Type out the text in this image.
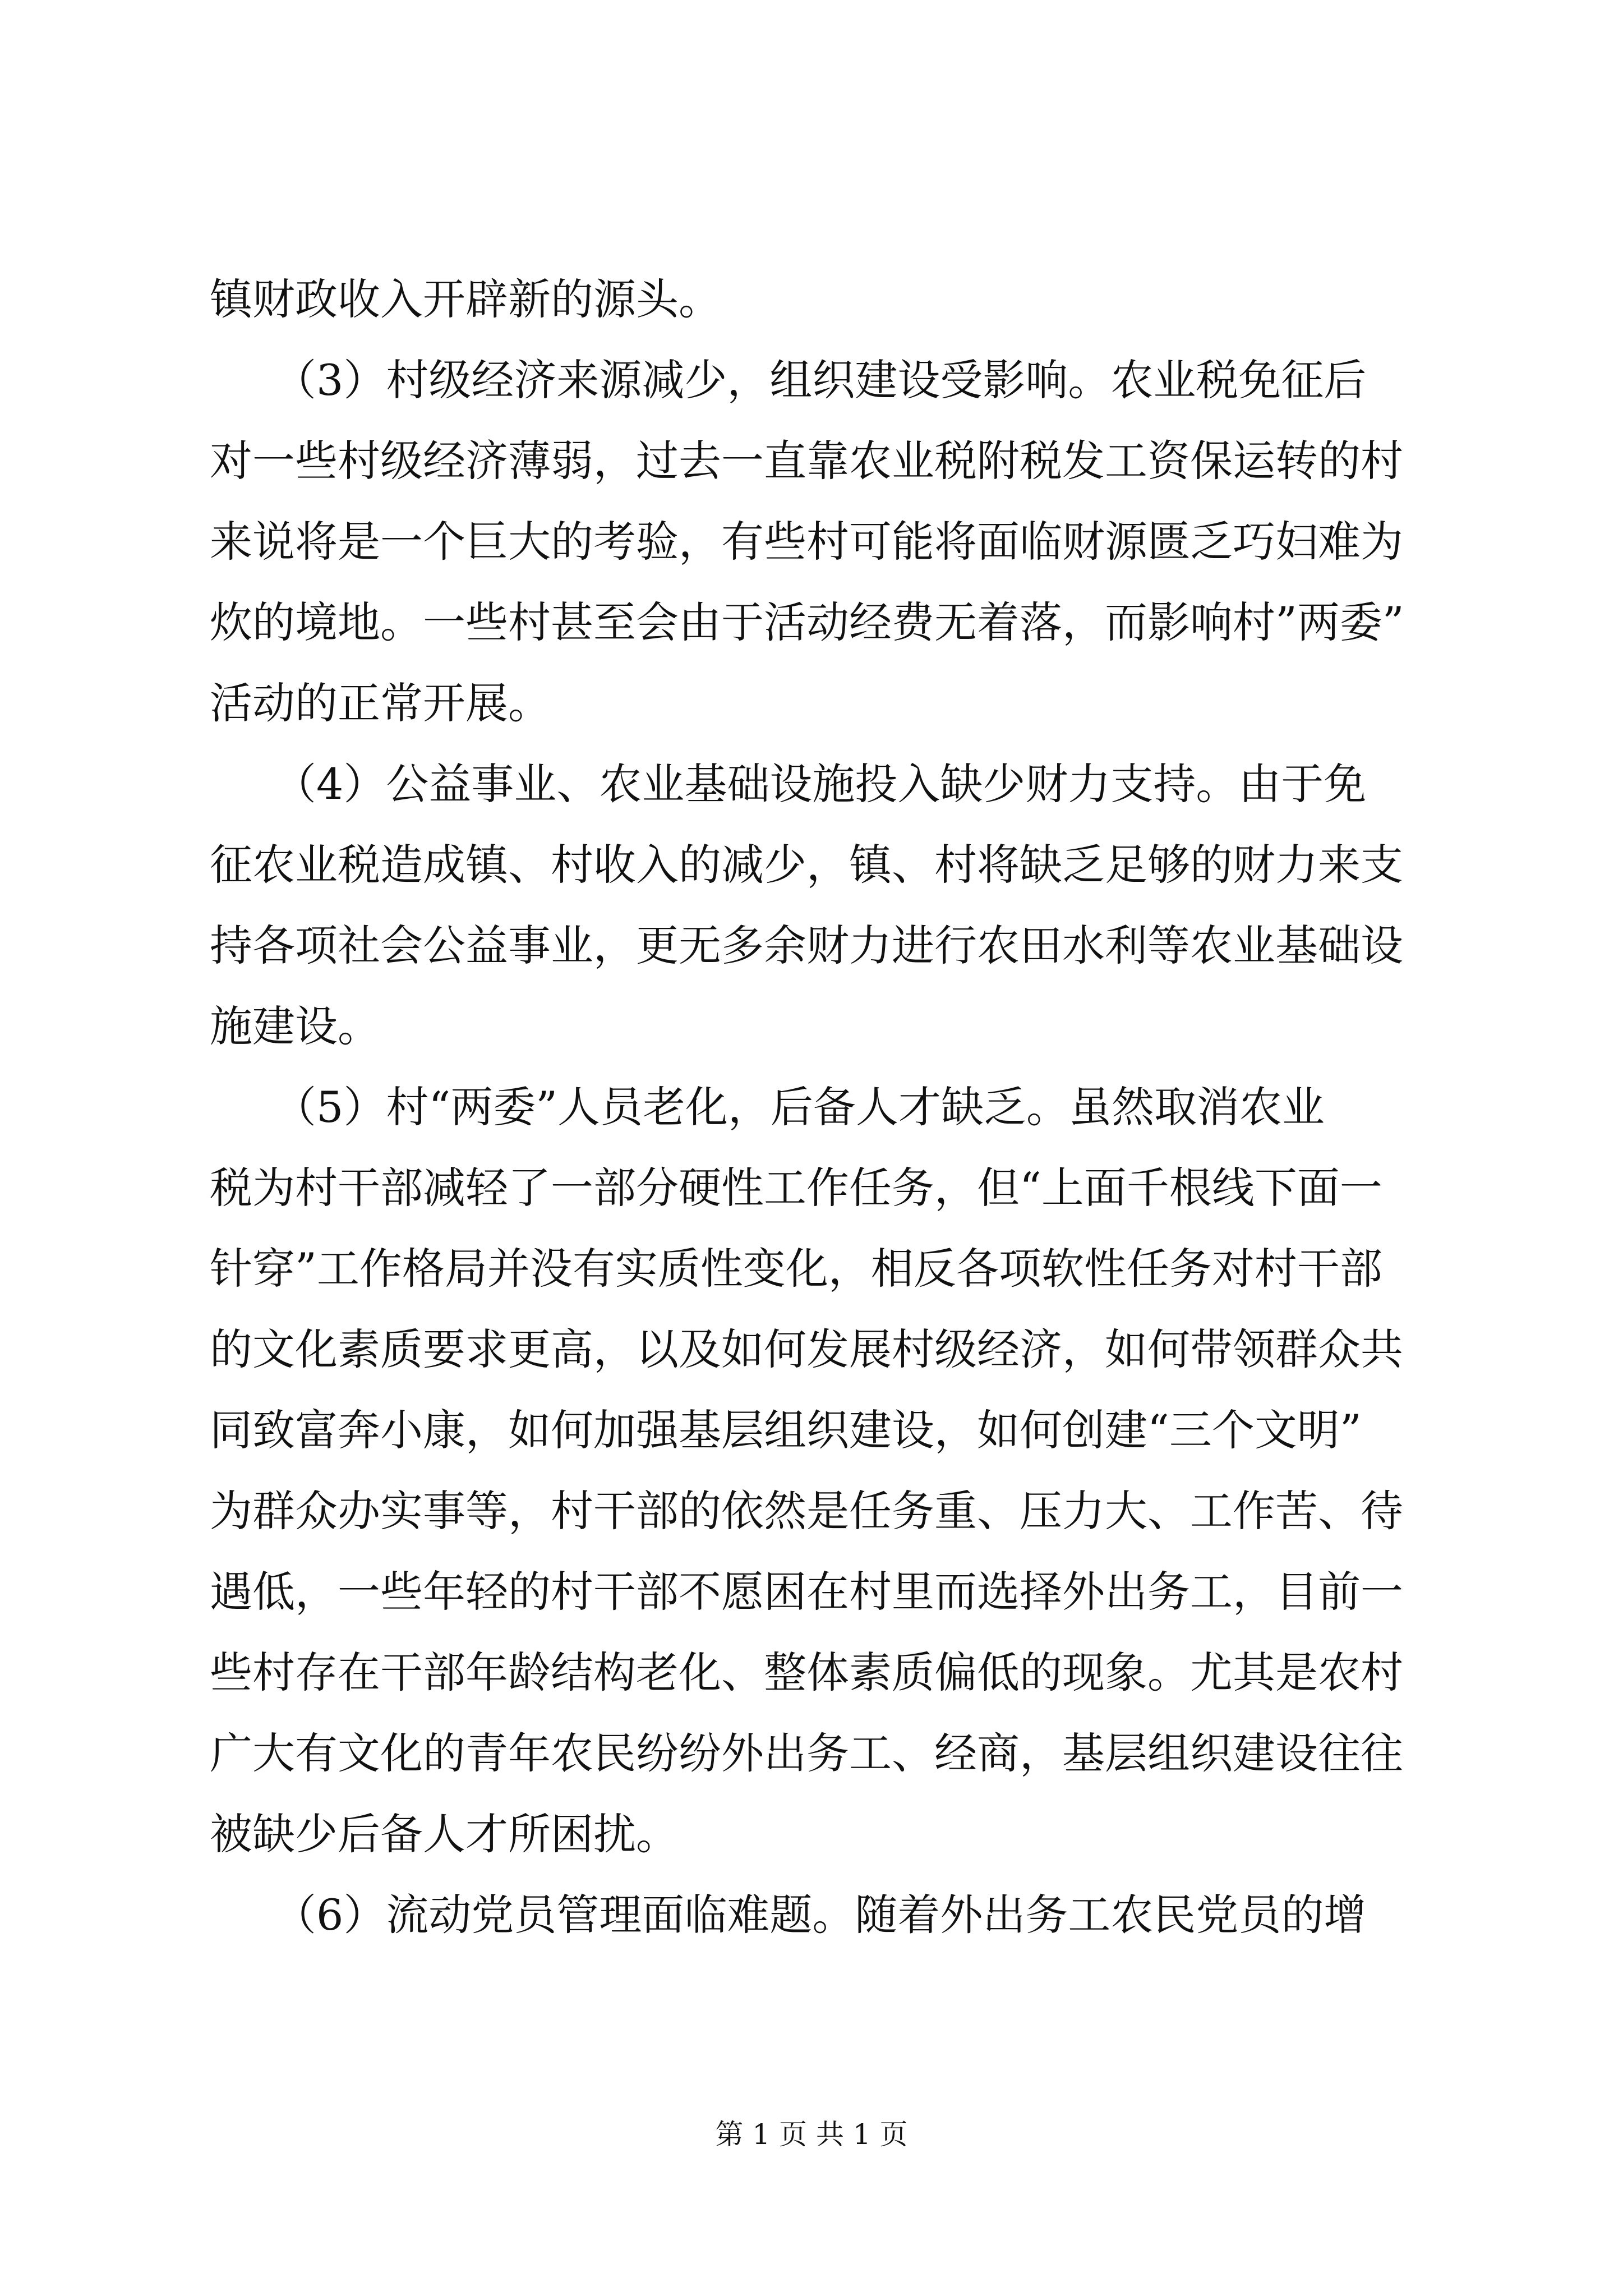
镇财政收入开辟新的源头。
　　（3）村级经济来源减少，组织建设受影响。农业税免征后
对一些村级经济薄弱，过去一直靠农业税附税发工资保运转的村
来说将是一个巨大的考验，有些村可能将面临财源匮乏巧妇难为
炊的境地。一些村甚至会由于活动经费无着落，而影响村”两委”
活动的正常开展。
　　（4）公益事业、农业基础设施投入缺少财力支持。由于免
征农业税造成镇、村收入的减少，镇、村将缺乏足够的财力来支
持各项社会公益事业，更无多余财力进行农田水利等农业基础设
施建设。
　　（5）村“两委”人员老化，后备人才缺乏。虽然取消农业
税为村干部减轻了一部分硬性工作任务，但“上面千根线下面一
针穿”工作格局并没有实质性变化，相反各项软性任务对村干部
的文化素质要求更高，以及如何发展村级经济，如何带领群众共
同致富奔小康，如何加强基层组织建设，如何创建“三个文明”
为群众办实事等，村干部的依然是任务重、压力大、工作苦、待
遇低，一些年轻的村干部不愿困在村里而选择外出务工，目前一
些村存在干部年龄结构老化、整体素质偏低的现象。尤其是农村
广大有文化的青年农民纷纷外出务工、经商，基层组织建设往往
被缺少后备人才所困扰。
　　（6）流动党员管理面临难题。随着外出务工农民党员的增
第 1 页 共 1 页
